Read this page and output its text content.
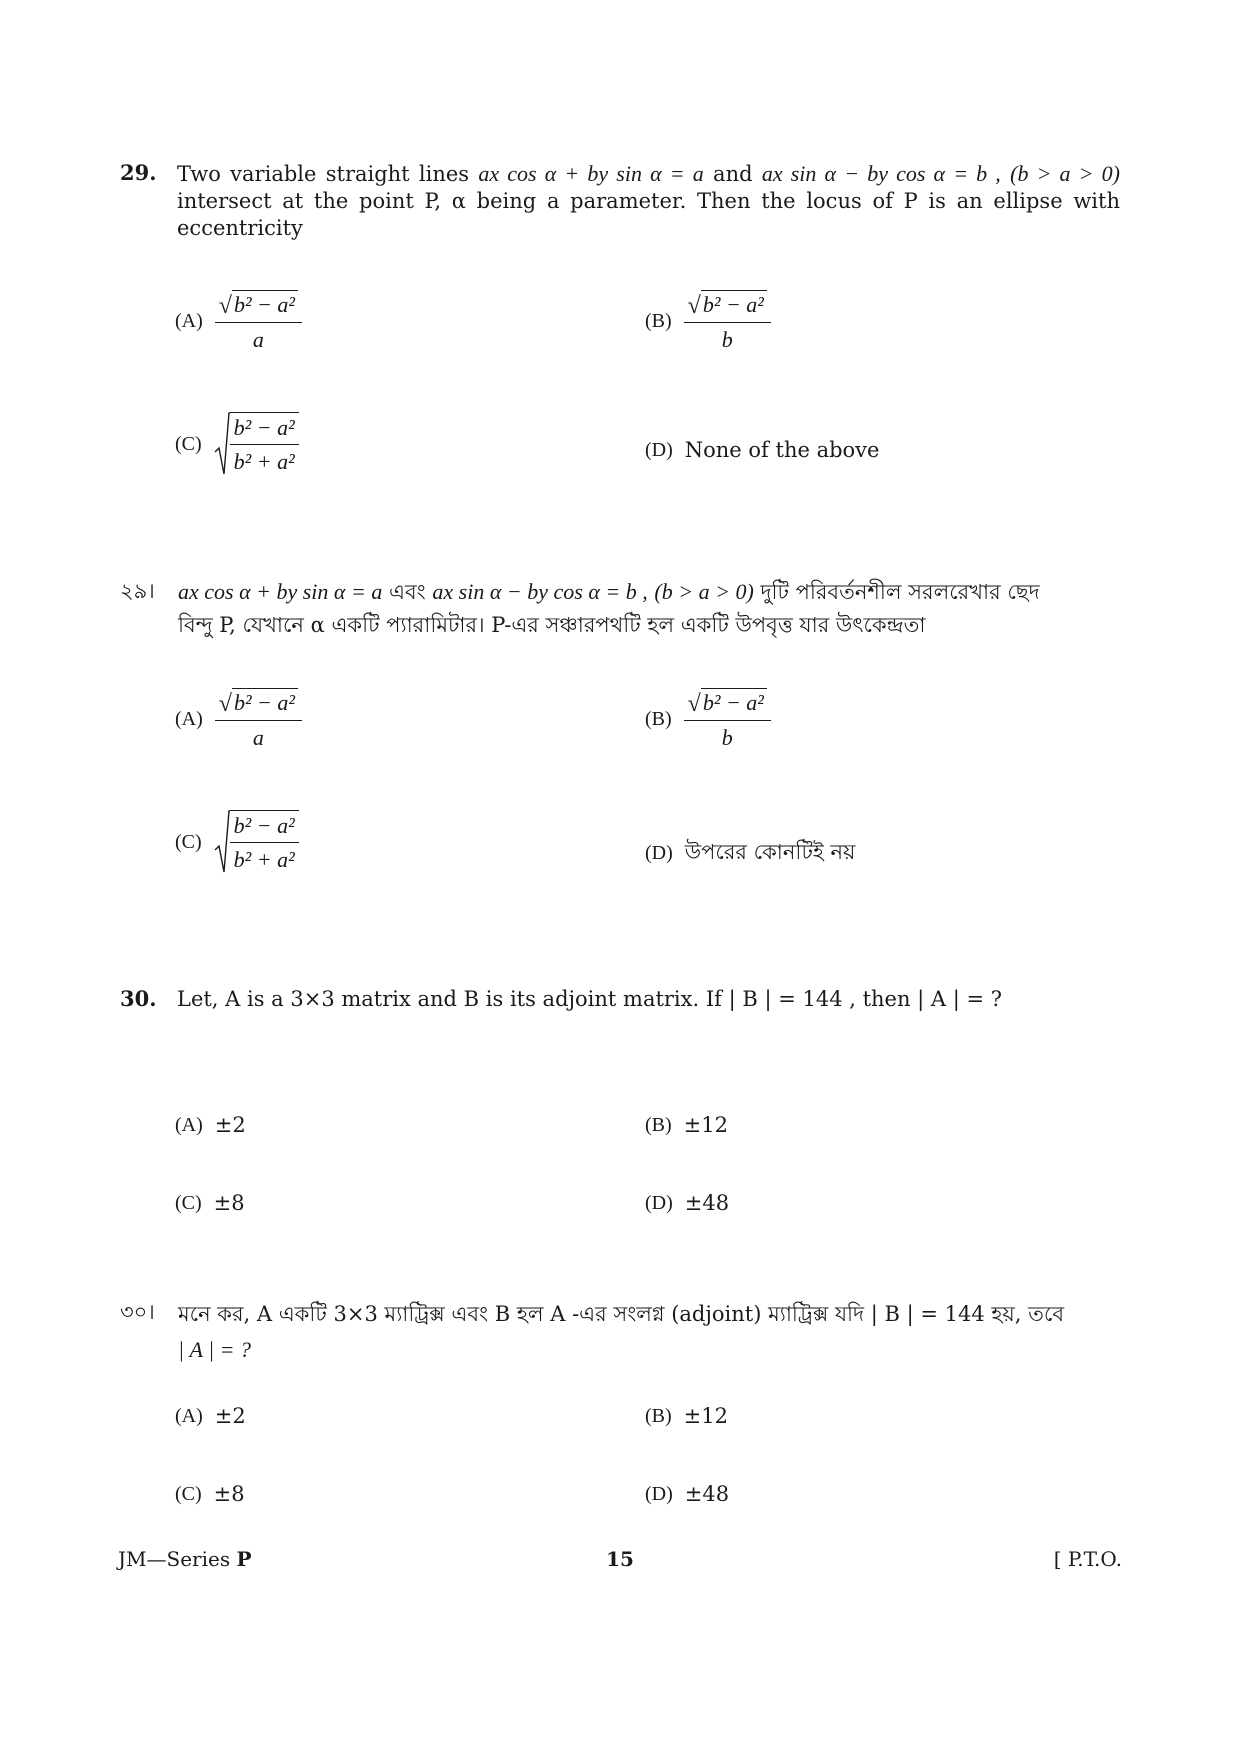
29. Two variable straight lines ax cos α + by sin α = a and ax sin α − by cos α = b , (b > a > 0) intersect at the point P, α being a parameter. Then the locus of P is an ellipse with eccentricity
$(A) \frac{\text{√ b² − a²}}{a}$	$(B) \frac{\text{√ b² − a²}}{b}$
$(C) \frac{\text{b² − a²}}{\text{b² + a²}}$	(D) None of the above
২৯। ax cos α + by sin α = a এবং ax sin α − by cos α = b , (b > a > 0) দুটি পরিবর্তনশীল সরলরেখার ছেদ
বিন্দু P, যেখানে α একটি প্যারামিটার। P-এর সঞ্চারপথটি হল একটি উপবৃত্ত যার উৎকেন্দ্রতা
$(A) \frac{\text{√ b² − a²}}{a}$	$(B) \frac{\text{√ b² − a²}}{b}$
$(C) \frac{\text{b² − a²}}{\text{b² + a²}}$	(D) উপরের কোনটিই নয়
30. Let, A is a 3×3 matrix and B is its adjoint matrix. If | B | = 144 , then | A | = ?
(A) ±2	(B) ±12
(C) ±8	(D) ±48
৩০। মনে কর, A একটি 3×3 ম্যাট্রিক্স এবং B হল A -এর সংলগ্ন (adjoint) ম্যাট্রিক্স যদি | B | = 144 হয়, তবে
| A | = ?
(A) ±2	(B) ±12
(C) ±8	(D) ±48
JM—Series P	15	[ P.T.O.
